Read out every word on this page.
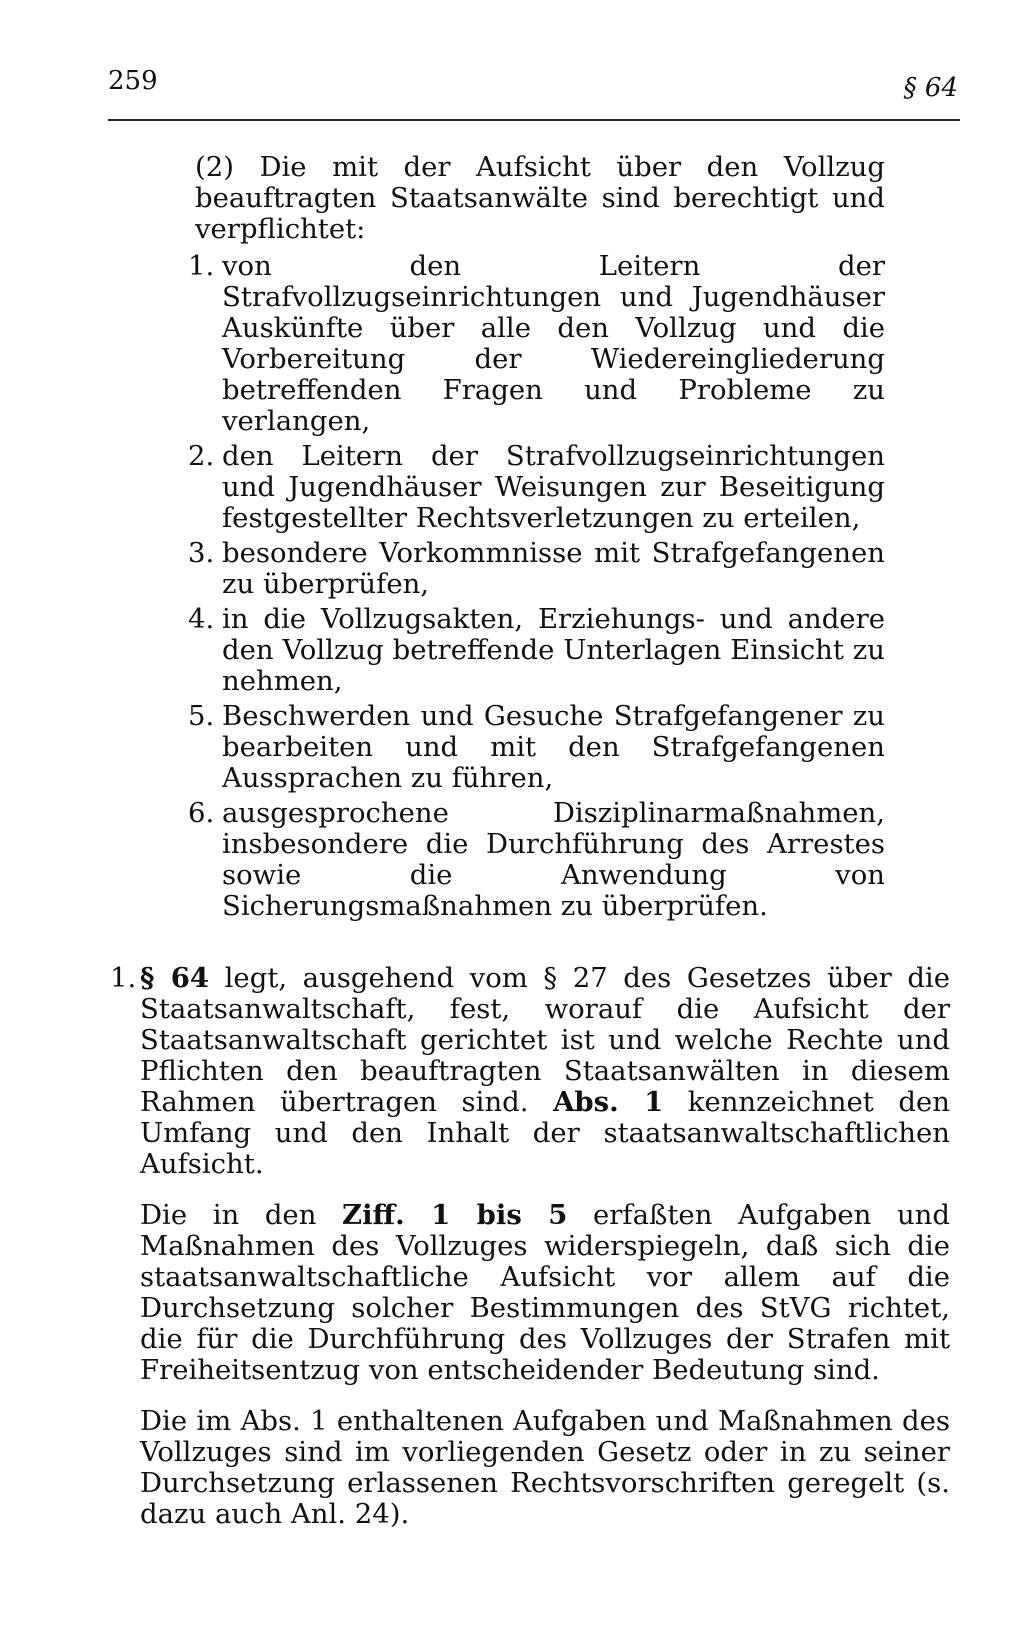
259	§ 64

(2) Die mit der Aufsicht über den Vollzug beauftragten Staatsanwälte sind berechtigt und verpflichtet:

1. von den Leitern der Strafvollzugseinrichtungen und Jugendhäuser Auskünfte über alle den Vollzug und die Vorbereitung der Wiedereingliederung betreffenden Fragen und Probleme zu verlangen,
2. den Leitern der Strafvollzugseinrichtungen und Jugendhäuser Weisungen zur Beseitigung festgestellter Rechtsverletzungen zu erteilen,
3. besondere Vorkommnisse mit Strafgefangenen zu überprüfen,
4. in die Vollzugsakten, Erziehungs- und andere den Vollzug betreffende Unterlagen Einsicht zu nehmen,
5. Beschwerden und Gesuche Strafgefangener zu bearbeiten und mit den Strafgefangenen Aussprachen zu führen,
6. ausgesprochene Disziplinarmaßnahmen, insbesondere die Durchführung des Arrestes sowie die Anwendung von Sicherungsmaßnahmen zu überprüfen.
1. § 64 legt, ausgehend vom § 27 des Gesetzes über die Staatsanwaltschaft, fest, worauf die Aufsicht der Staatsanwaltschaft gerichtet ist und welche Rechte und Pflichten den beauftragten Staatsanwälten in diesem Rahmen übertragen sind. Abs. 1 kennzeichnet den Umfang und den Inhalt der staatsanwaltschaftlichen Aufsicht.

Die in den Ziff. 1 bis 5 erfaßten Aufgaben und Maßnahmen des Vollzuges widerspiegeln, daß sich die staatsanwaltschaftliche Aufsicht vor allem auf die Durchsetzung solcher Bestimmungen des StVG richtet, die für die Durchführung des Vollzuges der Strafen mit Freiheitsentzug von entscheidender Bedeutung sind.

Die im Abs. 1 enthaltenen Aufgaben und Maßnahmen des Vollzuges sind im vorliegenden Gesetz oder in zu seiner Durchsetzung erlassenen Rechtsvorschriften geregelt (s. dazu auch Anl. 24).
